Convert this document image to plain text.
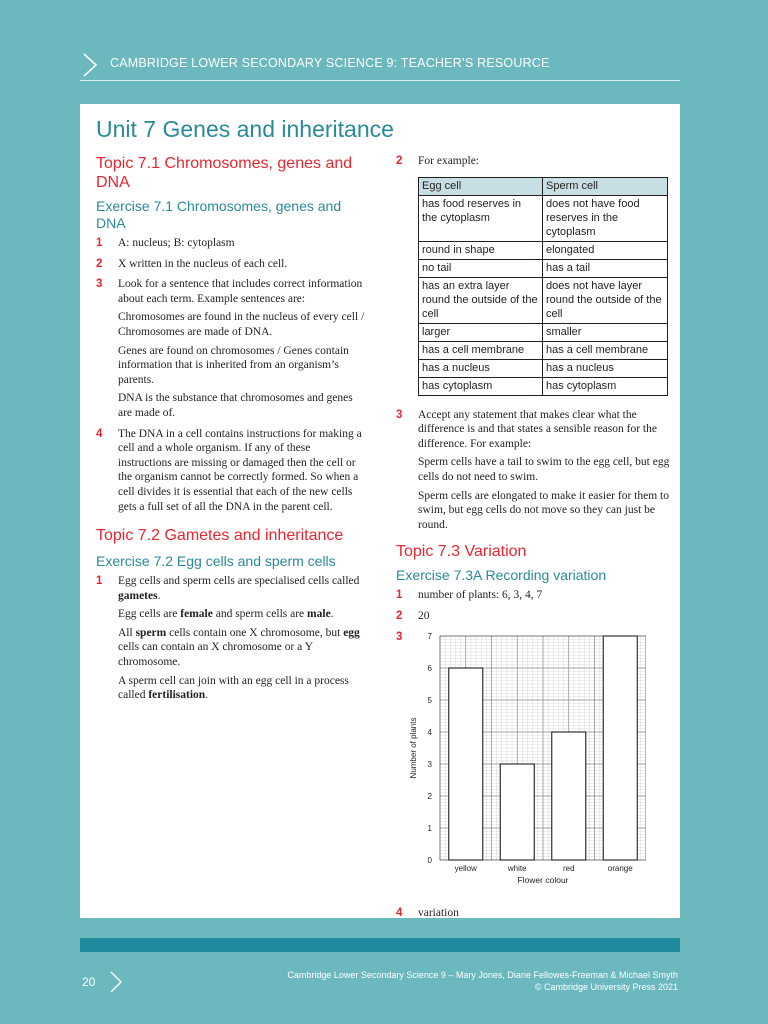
CAMBRIDGE LOWER SECONDARY SCIENCE 9: TEACHER’S RESOURCE
Unit 7 Genes and inheritance
Topic 7.1 Chromosomes, genes and DNA
Exercise 7.1 Chromosomes, genes and DNA
1 A: nucleus; B: cytoplasm

2 X written in the nucleus of each cell.

3 Look for a sentence that includes correct information about each term. Example sentences are:

Chromosomes are found in the nucleus of every cell / Chromosomes are made of DNA.

Genes are found on chromosomes / Genes contain information that is inherited from an organism’s parents.

DNA is the substance that chromosomes and genes are made of.

4 The DNA in a cell contains instructions for making a cell and a whole organism. If any of these instructions are missing or damaged then the cell or the organism cannot be correctly formed. So when a cell divides it is essential that each of the new cells gets a full set of all the DNA in the parent cell.

Topic 7.2 Gametes and inheritance
Exercise 7.2 Egg cells and sperm cells
1 Egg cells and sperm cells are specialised cells called gametes.

Egg cells are female and sperm cells are male.

All sperm cells contain one X chromosome, but egg cells can contain an X chromosome or a Y chromosome.

A sperm cell can join with an egg cell in a process called fertilisation.

2 For example:

Egg cell	Sperm cell
has food reserves in the cytoplasm	does not have food reserves in the cytoplasm
round in shape	elongated
no tail	has a tail
has an extra layer round the outside of the cell	does not have layer round the outside of the cell
larger	smaller
has a cell membrane	has a cell membrane
has a nucleus	has a nucleus
has cytoplasm	has cytoplasm
3 Accept any statement that makes clear what the difference is and that states a sensible reason for the difference. For example:

Sperm cells have a tail to swim to the egg cell, but egg cells do not need to swim.

Sperm cells are elongated to make it easier for them to swim, but egg cells do not move so they can just be round.

Topic 7.3 Variation
Exercise 7.3A Recording variation
1 number of plants: 6, 3, 4, 7

2 20

3
0
1
2
3
4
5
6
7
Number of plants
yellow	white	red	orange
Flower colour
4 variation

20	Cambridge Lower Secondary Science 9 – Mary Jones, Diane Fellowes-Freeman & Michael Smyth
© Cambridge University Press 2021
